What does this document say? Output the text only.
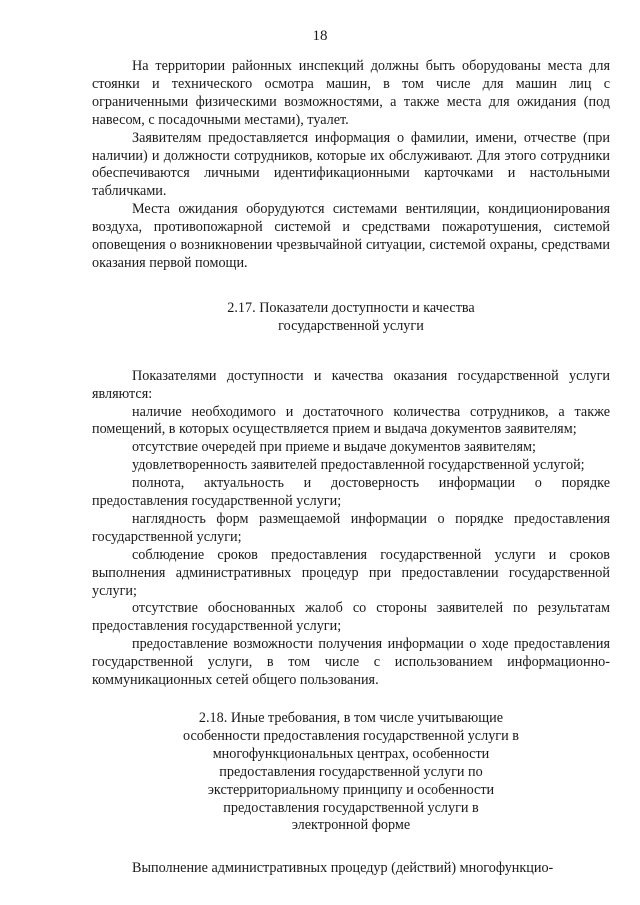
18

На территории районных инспекций должны быть оборудованы места для стоянки и технического осмотра машин, в том числе для машин лиц с ограниченными физическими возможностями, а также места для ожидания (под навесом, с посадочными местами), туалет.

Заявителям предоставляется информация о фамилии, имени, отчестве (при наличии) и должности сотрудников, которые их обслуживают. Для этого сотрудники обеспечиваются личными идентификационными карточками и настольными табличками.

Места ожидания оборудуются системами вентиляции, кондиционирования воздуха, противопожарной системой и средствами пожаротушения, системой оповещения о возникновении чрезвычайной ситуации, системой охраны, средствами оказания первой помощи.

2.17. Показатели доступности и качества
государственной услуги

Показателями доступности и качества оказания государственной услуги являются:

наличие необходимого и достаточного количества сотрудников, а также помещений, в которых осуществляется прием и выдача документов заявителям;

отсутствие очередей при приеме и выдаче документов заявителям;

удовлетворенность заявителей предоставленной государственной услугой;

полнота, актуальность и достоверность информации о порядке предоставления государственной услуги;

наглядность форм размещаемой информации о порядке предоставления государственной услуги;

соблюдение сроков предоставления государственной услуги и сроков выполнения административных процедур при предоставлении государственной услуги;

отсутствие обоснованных жалоб со стороны заявителей по результатам предоставления государственной услуги;

предоставление возможности получения информации о ходе предоставления государственной услуги, в том числе с использованием информационно-коммуникационных сетей общего пользования.

2.18. Иные требования, в том числе учитывающие
особенности предоставления государственной услуги в
многофункциональных центрах, особенности
предоставления государственной услуги по
экстерриториальному принципу и особенности
предоставления государственной услуги в
электронной форме

Выполнение административных процедур (действий) многофункцио-
